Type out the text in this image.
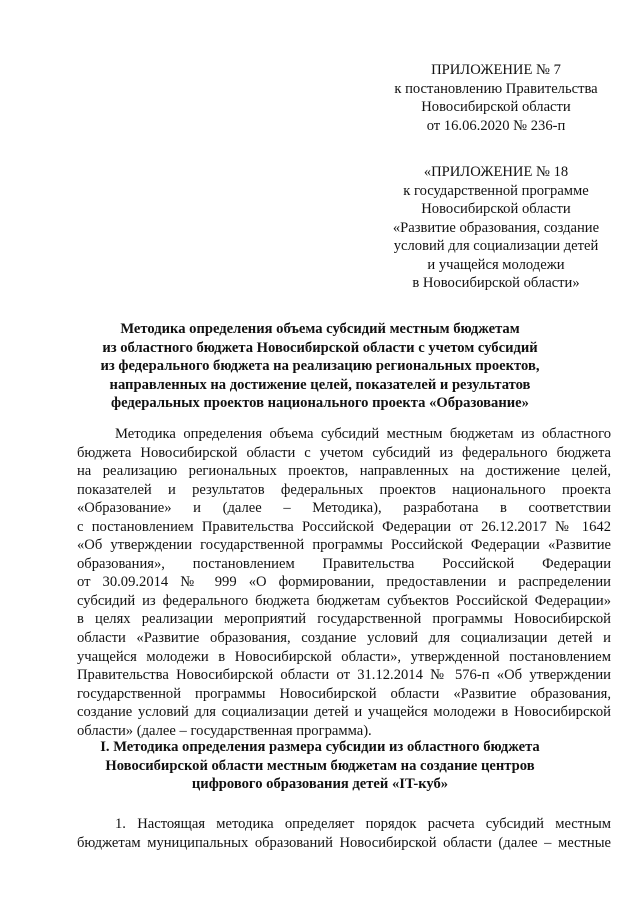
ПРИЛОЖЕНИЕ № 7
к постановлению Правительства
Новосибирской области
от 16.06.2020 № 236-п
«ПРИЛОЖЕНИЕ № 18
к государственной программе
Новосибирской области
«Развитие образования, создание
условий для социализации детей
и учащейся молодежи
в Новосибирской области»
Методика определения объема субсидий местным бюджетам
из областного бюджета Новосибирской области с учетом субсидий
из федерального бюджета на реализацию региональных проектов,
направленных на достижение целей, показателей и результатов
федеральных проектов национального проекта «Образование»
Методика определения объема субсидий местным бюджетам из областного
бюджета Новосибирской области с учетом субсидий из федерального бюджета
на реализацию региональных проектов, направленных на достижение целей,
показателей и результатов федеральных проектов национального проекта
«Образование» и (далее – Методика), разработана в соответствии
с постановлением Правительства Российской Федерации от 26.12.2017 № 1642
«Об утверждении государственной программы Российской Федерации «Развитие
образования», постановлением Правительства Российской Федерации
от 30.09.2014 № 999 «О формировании, предоставлении и распределении
субсидий из федерального бюджета бюджетам субъектов Российской Федерации»
в целях реализации мероприятий государственной программы Новосибирской
области «Развитие образования, создание условий для социализации детей и
учащейся молодежи в Новосибирской области», утвержденной постановлением
Правительства Новосибирской области от 31.12.2014 № 576-п «Об утверждении
государственной программы Новосибирской области «Развитие образования,
создание условий для социализации детей и учащейся молодежи в Новосибирской
области» (далее – государственная программа).
I. Методика определения размера субсидии из областного бюджета
Новосибирской области местным бюджетам на создание центров
цифрового образования детей «IT-куб»
1. Настоящая методика определяет порядок расчета субсидий местным
бюджетам муниципальных образований Новосибирской области (далее – местные
